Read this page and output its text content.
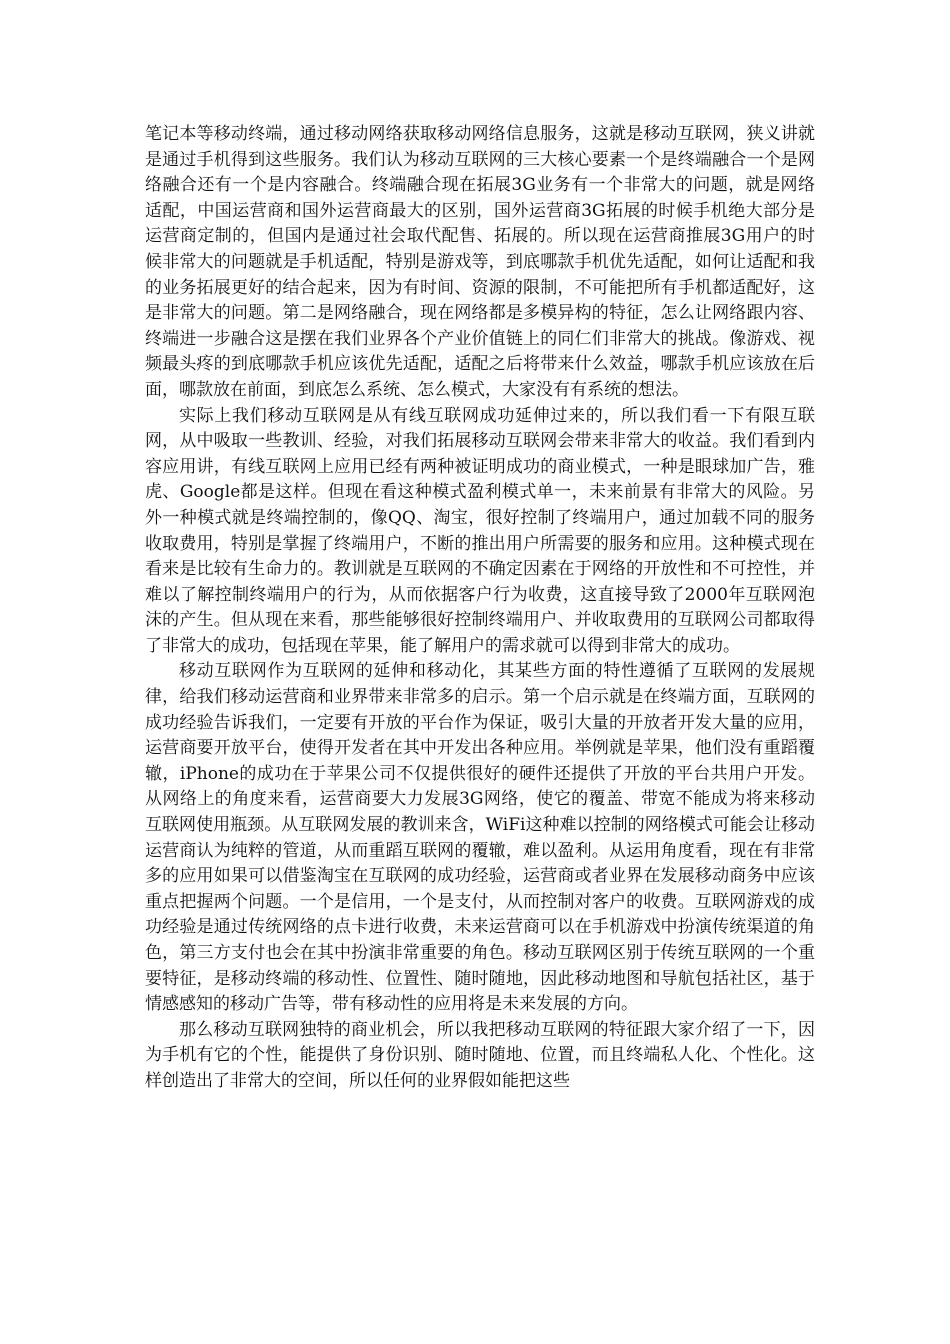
笔记本等移动终端，通过移动网络获取移动网络信息服务，这就是移动互联网，狭义讲就是通过手机得到这些服务。我们认为移动互联网的三大核心要素一个是终端融合一个是网络融合还有一个是内容融合。终端融合现在拓展3G业务有一个非常大的问题，就是网络适配，中国运营商和国外运营商最大的区别，国外运营商3G拓展的时候手机绝大部分是运营商定制的，但国内是通过社会取代配售、拓展的。所以现在运营商推展3G用户的时候非常大的问题就是手机适配，特别是游戏等，到底哪款手机优先适配，如何让适配和我的业务拓展更好的结合起来，因为有时间、资源的限制，不可能把所有手机都适配好，这是非常大的问题。第二是网络融合，现在网络都是多模异构的特征，怎么让网络跟内容、终端进一步融合这是摆在我们业界各个产业价值链上的同仁们非常大的挑战。像游戏、视频最头疼的到底哪款手机应该优先适配，适配之后将带来什么效益，哪款手机应该放在后面，哪款放在前面，到底怎么系统、怎么模式，大家没有有系统的想法。

实际上我们移动互联网是从有线互联网成功延伸过来的，所以我们看一下有限互联网，从中吸取一些教训、经验，对我们拓展移动互联网会带来非常大的收益。我们看到内容应用讲，有线互联网上应用已经有两种被证明成功的商业模式，一种是眼球加广告，雅虎、Google都是这样。但现在看这种模式盈利模式单一，未来前景有非常大的风险。另外一种模式就是终端控制的，像QQ、淘宝，很好控制了终端用户，通过加载不同的服务收取费用，特别是掌握了终端用户，不断的推出用户所需要的服务和应用。这种模式现在看来是比较有生命力的。教训就是互联网的不确定因素在于网络的开放性和不可控性，并难以了解控制终端用户的行为，从而依据客户行为收费，这直接导致了2000年互联网泡沫的产生。但从现在来看，那些能够很好控制终端用户、并收取费用的互联网公司都取得了非常大的成功，包括现在苹果，能了解用户的需求就可以得到非常大的成功。

移动互联网作为互联网的延伸和移动化，其某些方面的特性遵循了互联网的发展规律，给我们移动运营商和业界带来非常多的启示。第一个启示就是在终端方面，互联网的成功经验告诉我们，一定要有开放的平台作为保证，吸引大量的开放者开发大量的应用，运营商要开放平台，使得开发者在其中开发出各种应用。举例就是苹果，他们没有重蹈覆辙，iPhone的成功在于苹果公司不仅提供很好的硬件还提供了开放的平台共用户开发。从网络上的角度来看，运营商要大力发展3G网络，使它的覆盖、带宽不能成为将来移动互联网使用瓶颈。从互联网发展的教训来含，WiFi这种难以控制的网络模式可能会让移动运营商认为纯粹的管道，从而重蹈互联网的覆辙，难以盈利。从运用角度看，现在有非常多的应用如果可以借鉴淘宝在互联网的成功经验，运营商或者业界在发展移动商务中应该重点把握两个问题。一个是信用，一个是支付，从而控制对客户的收费。互联网游戏的成功经验是通过传统网络的点卡进行收费，未来运营商可以在手机游戏中扮演传统渠道的角色，第三方支付也会在其中扮演非常重要的角色。移动互联网区别于传统互联网的一个重要特征，是移动终端的移动性、位置性、随时随地，因此移动地图和导航包括社区，基于情感感知的移动广告等，带有移动性的应用将是未来发展的方向。

那么移动互联网独特的商业机会，所以我把移动互联网的特征跟大家介绍了一下，因为手机有它的个性，能提供了身份识别、随时随地、位置，而且终端私人化、个性化。这样创造出了非常大的空间，所以任何的业界假如能把这些
